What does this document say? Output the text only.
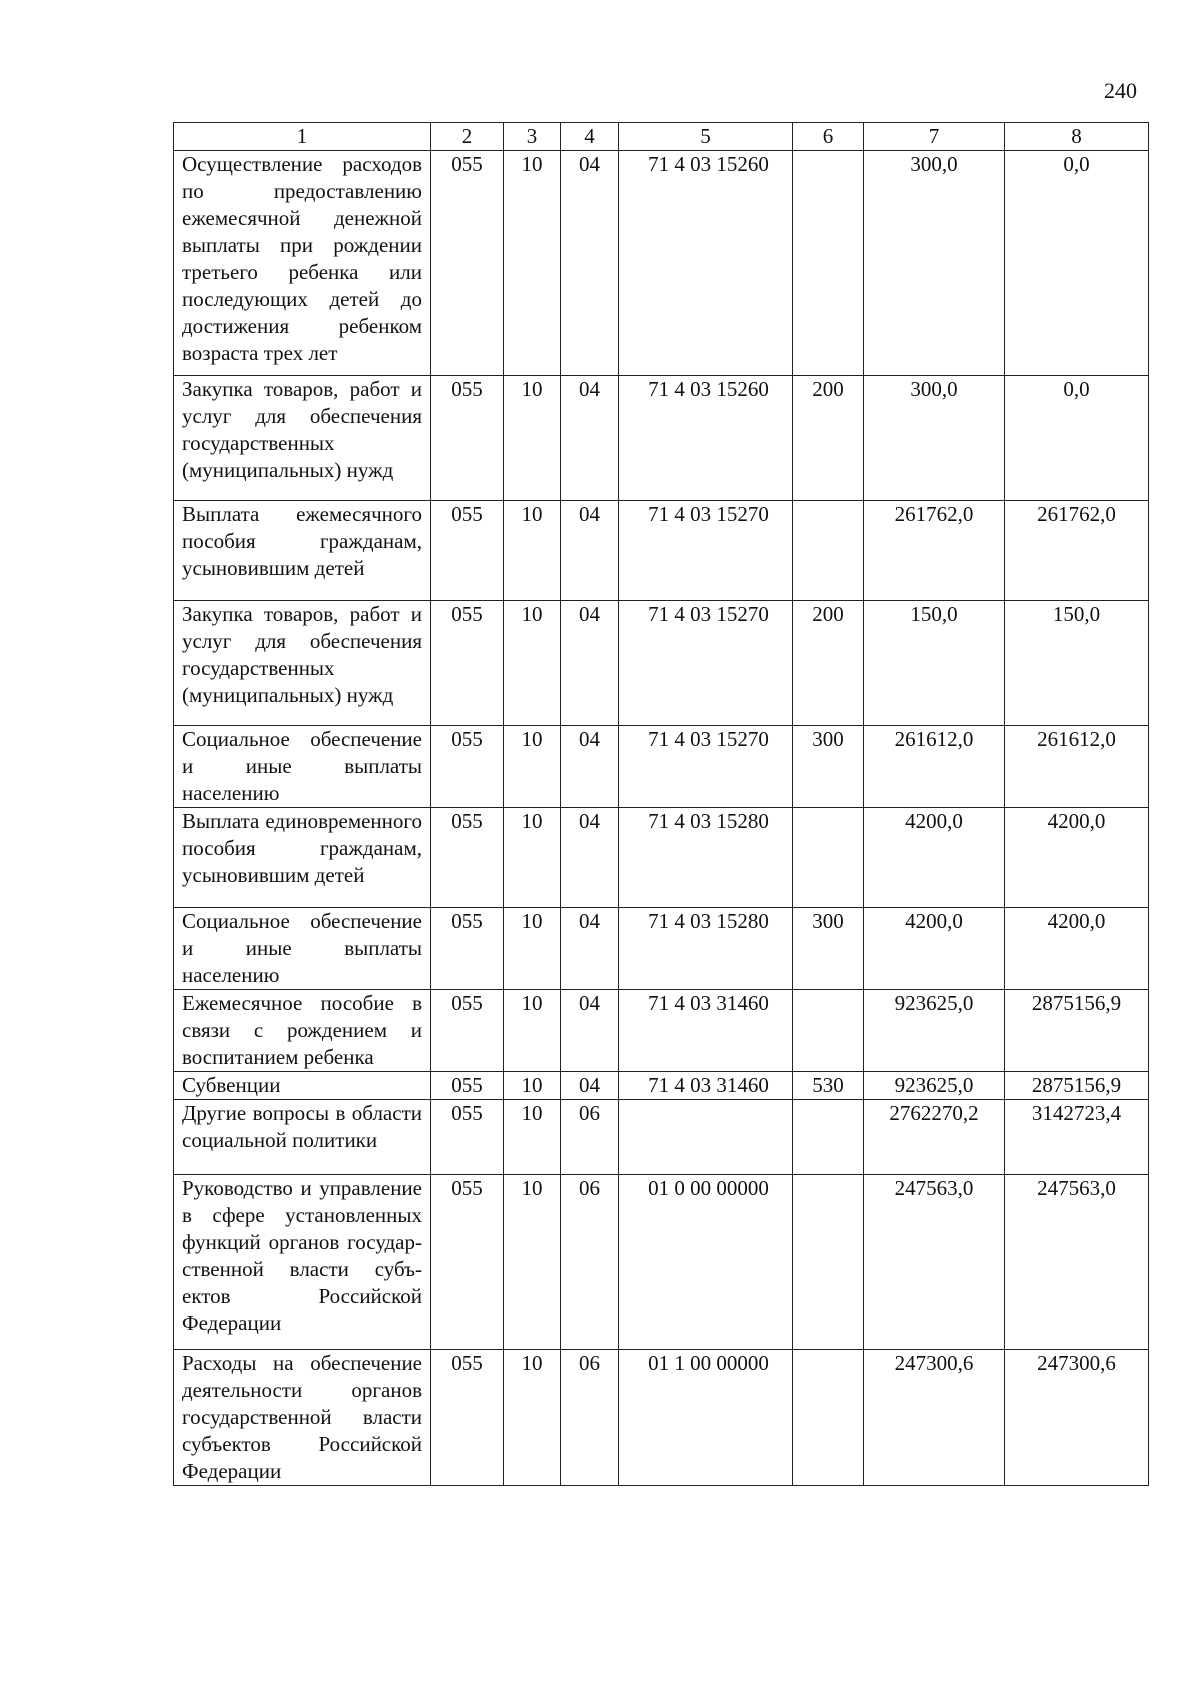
240
1	2	3	4	5	6	7	8
Осуществление расходов по предоставлению ежемесячной денежной выплаты при рождении третьего ребенка или последующих детей до достижения ребенком возраста трех лет	055	10	04	71 4 03 15260		300,0	0,0
Закупка товаров, работ и услуг для обеспечения государственных (муниципальных) нужд	055	10	04	71 4 03 15260	200	300,0	0,0
Выплата ежемесячного пособия гражданам, усыновившим детей	055	10	04	71 4 03 15270		261762,0	261762,0
Закупка товаров, работ и услуг для обеспечения государственных (муниципальных) нужд	055	10	04	71 4 03 15270	200	150,0	150,0
Социальное обеспечение и иные выплаты населению	055	10	04	71 4 03 15270	300	261612,0	261612,0
Выплата единовременного пособия гражданам, усыновившим детей	055	10	04	71 4 03 15280		4200,0	4200,0
Социальное обеспечение и иные выплаты населению	055	10	04	71 4 03 15280	300	4200,0	4200,0
Ежемесячное пособие в связи с рождением и воспитанием ребенка	055	10	04	71 4 03 31460		923625,0	2875156,9
Субвенции	055	10	04	71 4 03 31460	530	923625,0	2875156,9
Другие вопросы в области социальной политики	055	10	06			2762270,2	3142723,4
Руководство и управление в сфере установленных функций органов государственной власти субъектов Российской Федерации	055	10	06	01 0 00 00000		247563,0	247563,0
Расходы на обеспечение деятельности органов государственной власти субъектов Российской Федерации	055	10	06	01 1 00 00000		247300,6	247300,6
